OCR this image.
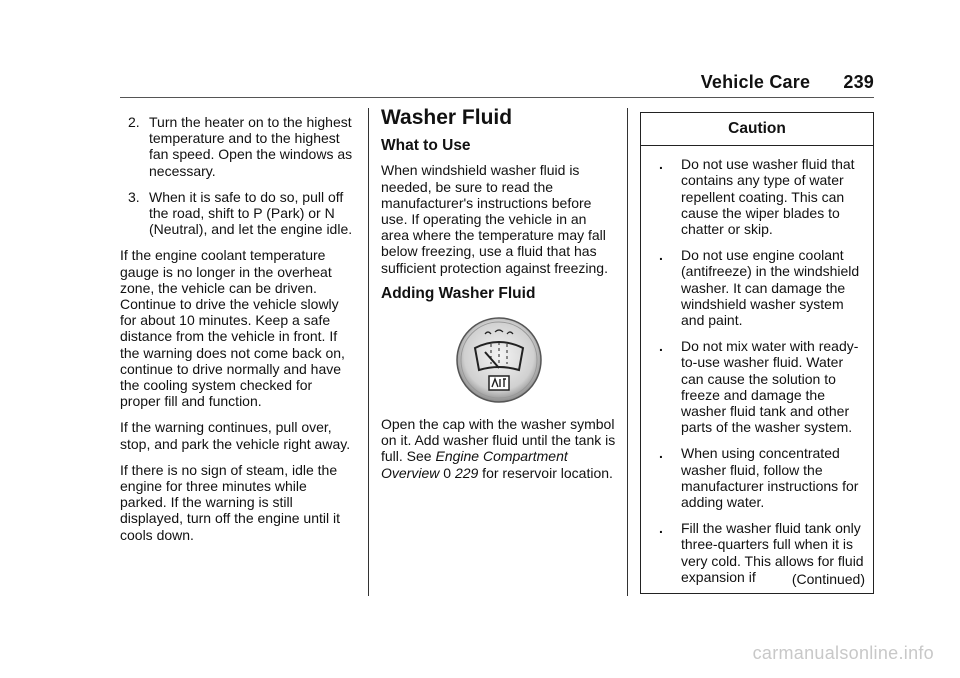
Vehicle Care 239
2. Turn the heater on to the highest temperature and to the highest fan speed. Open the windows as necessary.
3. When it is safe to do so, pull off the road, shift to P (Park) or N (Neutral), and let the engine idle.

If the engine coolant temperature gauge is no longer in the overheat zone, the vehicle can be driven. Continue to drive the vehicle slowly for about 10 minutes. Keep a safe distance from the vehicle in front. If the warning does not come back on, continue to drive normally and have the cooling system checked for proper fill and function.

If the warning continues, pull over, stop, and park the vehicle right away.

If there is no sign of steam, idle the engine for three minutes while parked. If the warning is still displayed, turn off the engine until it cools down.

Washer Fluid
What to Use

When windshield washer fluid is needed, be sure to read the manufacturer's instructions before use. If operating the vehicle in an area where the temperature may fall below freezing, use a fluid that has sufficient protection against freezing.

Adding Washer Fluid

Open the cap with the washer symbol on it. Add washer fluid until the tank is full. See Engine Compartment Overview 0 229 for reservoir location.

Caution
.	Do not use washer fluid that contains any type of water repellent coating. This can cause the wiper blades to chatter or skip.
.	Do not use engine coolant (antifreeze) in the windshield washer. It can damage the windshield washer system and paint.
.	Do not mix water with ready-to-use washer fluid. Water can cause the solution to freeze and damage the washer fluid tank and other parts of the washer system.
.	When using concentrated washer fluid, follow the manufacturer instructions for adding water.
.	Fill the washer fluid tank only three-quarters full when it is very cold. This allows for fluid expansion if	(Continued)
carmanualsonline.info
